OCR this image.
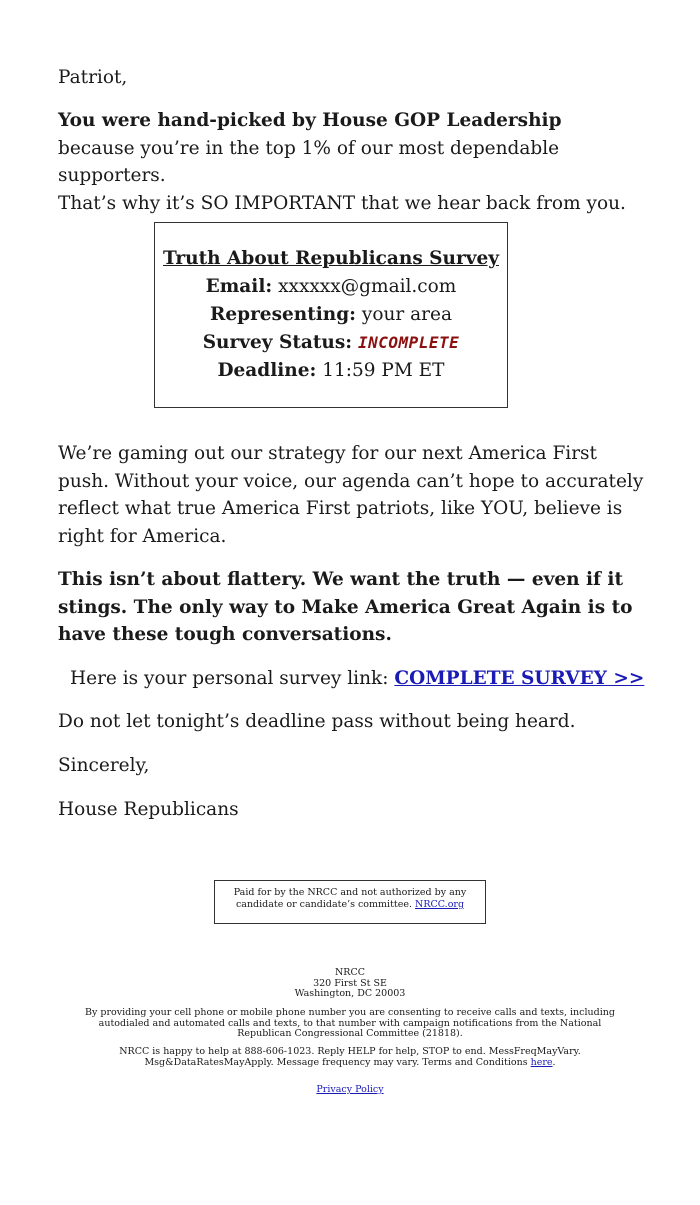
Patriot,

You were hand-picked by House GOP Leadership
because you’re in the top 1% of our most dependable supporters.
That’s why it’s SO IMPORTANT that we hear back from you.

Truth About Republicans Survey
Email: xxxxxx@gmail.com
Representing: your area
Survey Status: INCOMPLETE
Deadline: 11:59 PM ET

We’re gaming out our strategy for our next America First push. Without your voice, our agenda can’t hope to accurately reflect what true America First patriots, like YOU, believe is right for America.

This isn’t about flattery. We want the truth — even if it stings. The only way to Make America Great Again is to have these tough conversations.

Here is your personal survey link: COMPLETE SURVEY >>

Do not let tonight’s deadline pass without being heard.

Sincerely,

House Republicans

Paid for by the NRCC and not authorized by any candidate or candidate’s committee. NRCC.org
NRCC
320 First St SE
Washington, DC 20003
By providing your cell phone or mobile phone number you are consenting to receive calls and texts, including autodialed and automated calls and texts, to that number with campaign notifications from the National Republican Congressional Committee (21818).
NRCC is happy to help at 888-606-1023. Reply HELP for help, STOP to end. MessFreqMayVary. Msg&DataRatesMayApply. Message frequency may vary. Terms and Conditions here.
Privacy Policy
